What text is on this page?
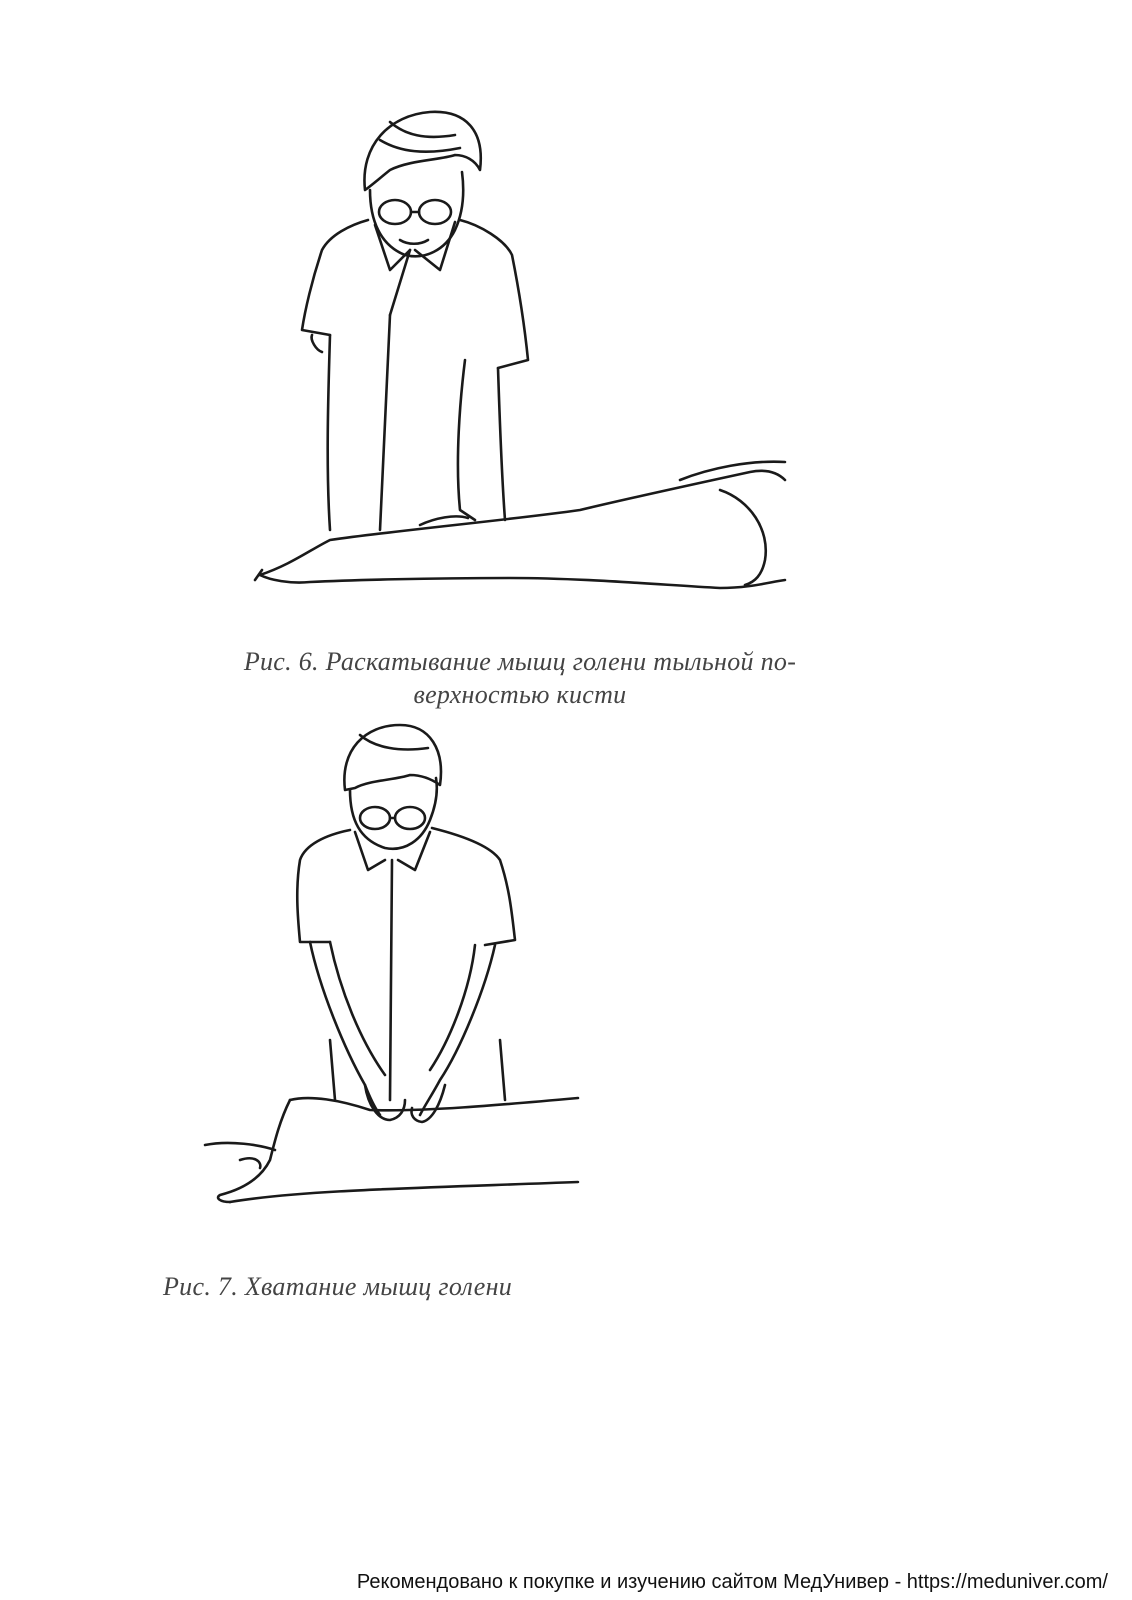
Рис. 6. Раскатывание мышц голени тыльной по-
верхностью кисти
Рис. 7. Хватание мышц голени
Рекомендовано к покупке и изучению сайтом МедУнивер - https://meduniver.com/
